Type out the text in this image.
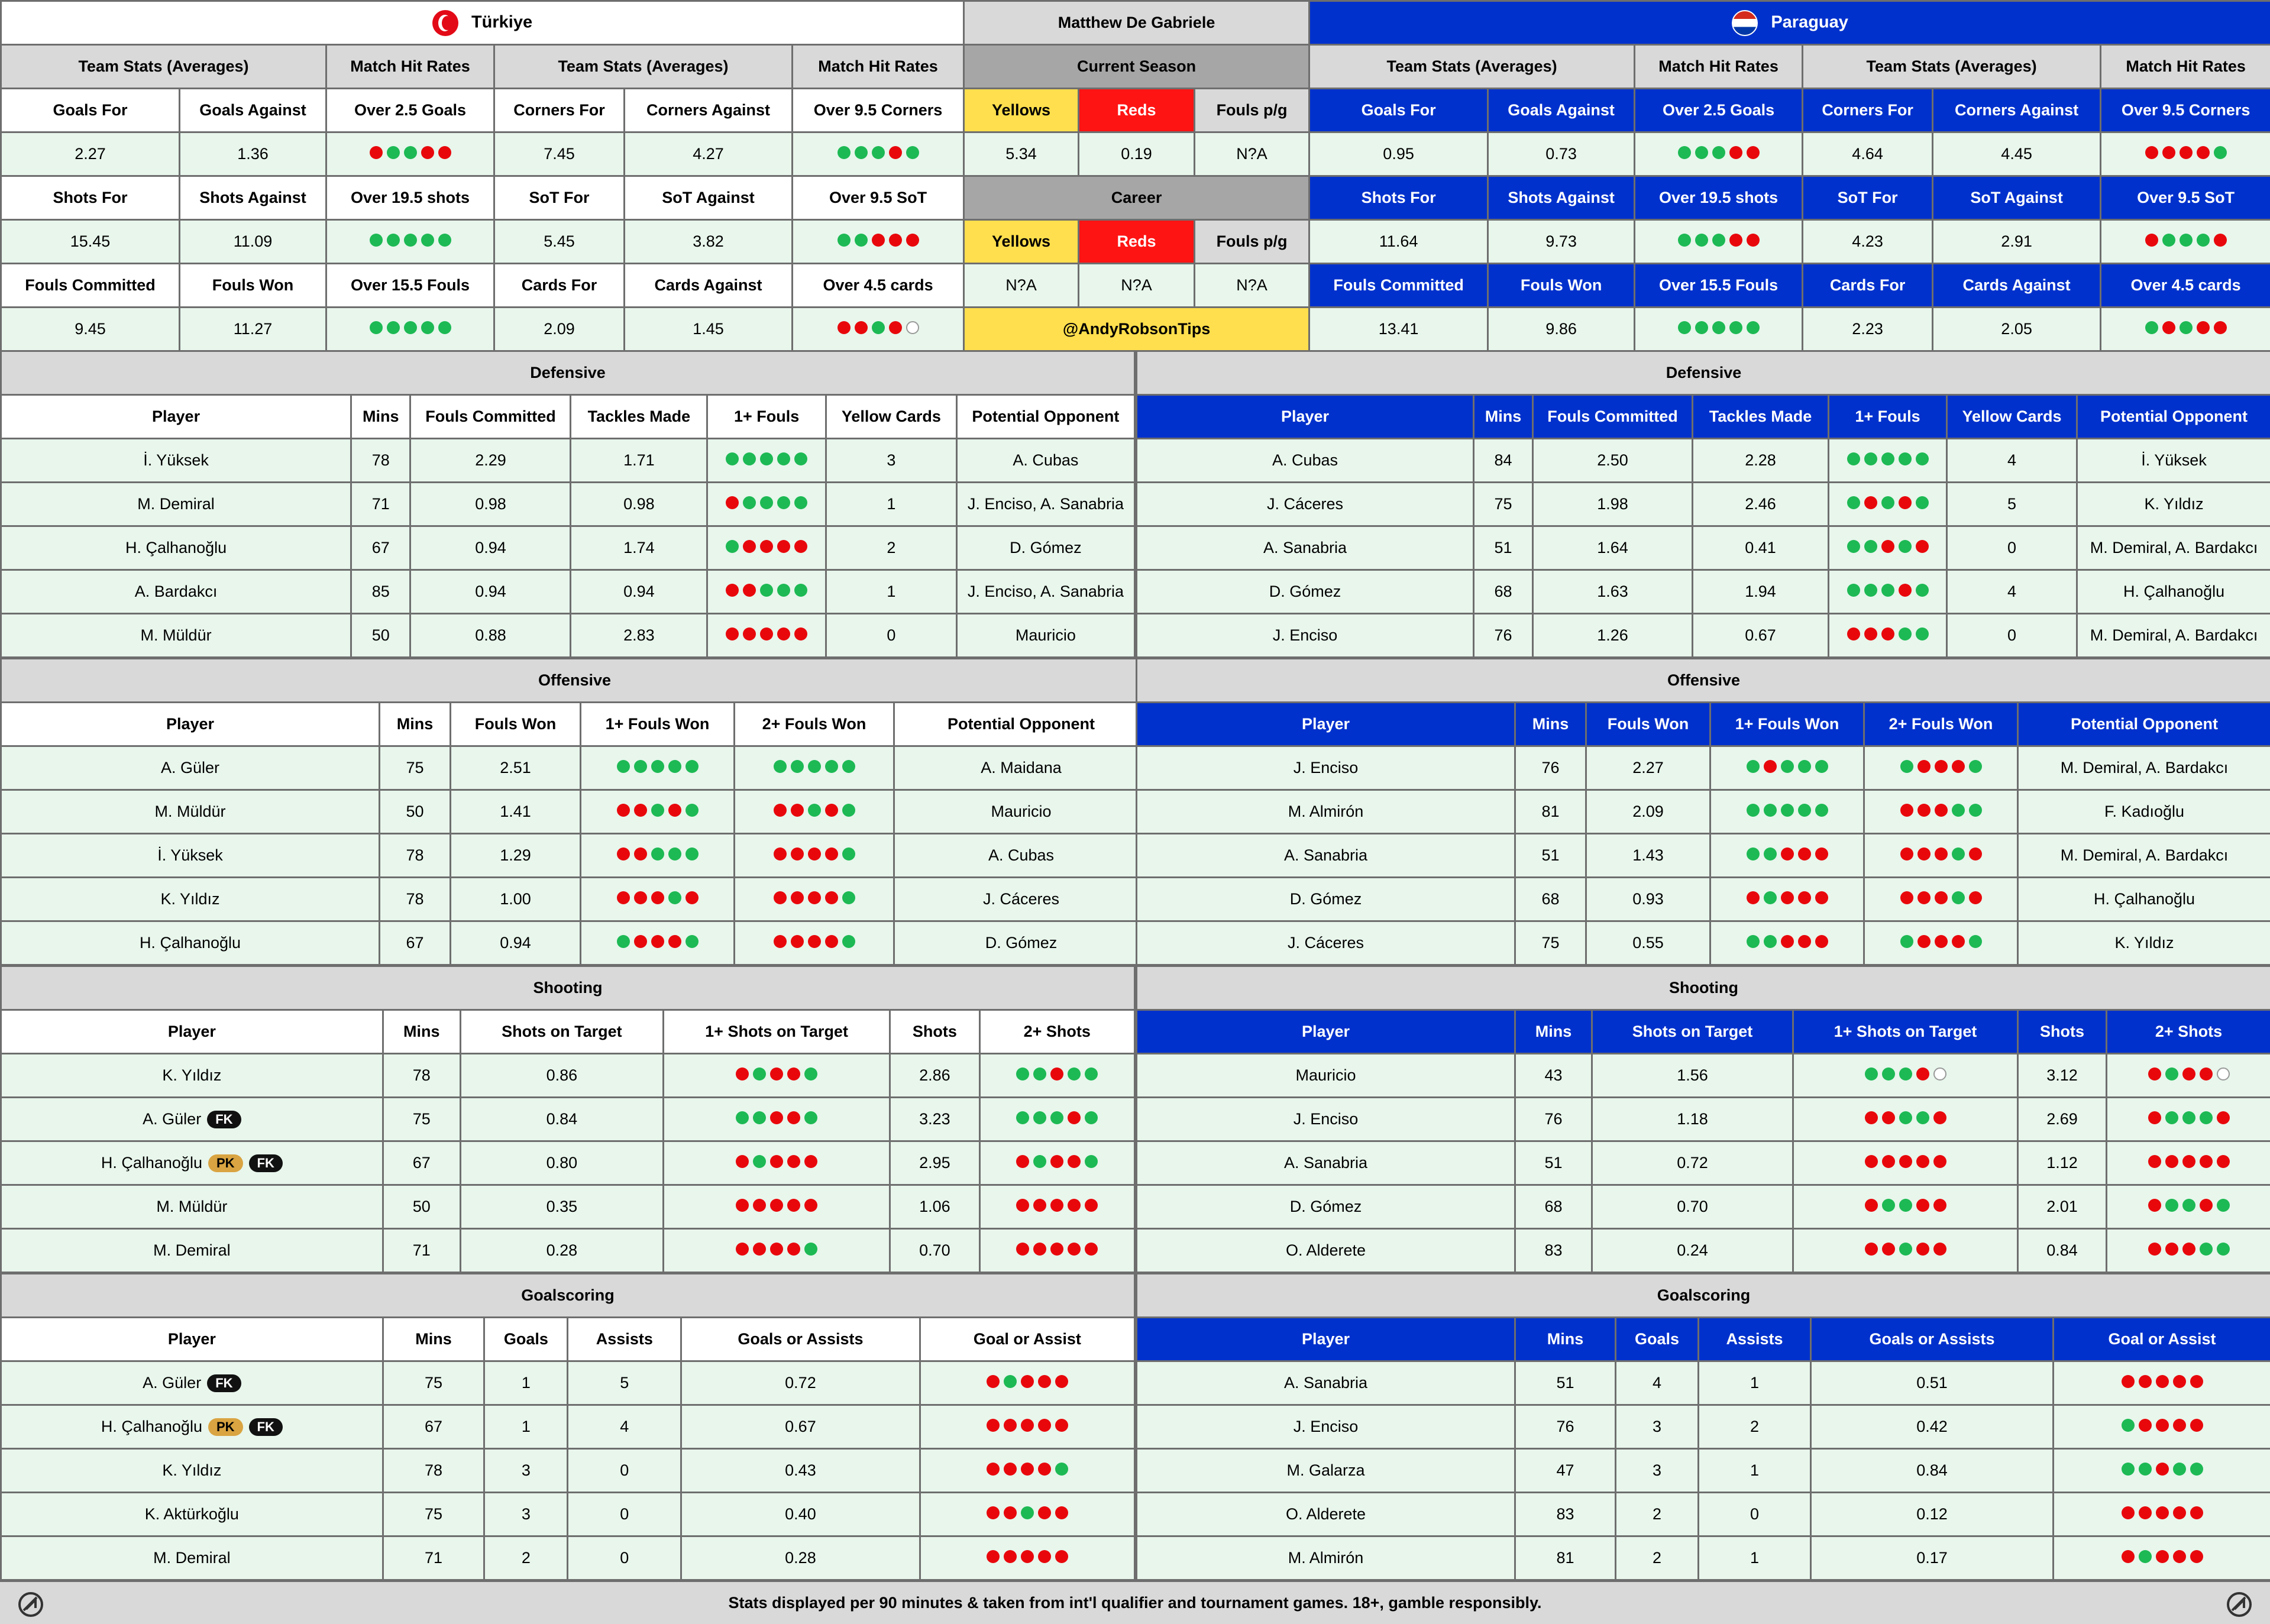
Türkiye						Matthew De Gabriele			Paraguay					
Team Stats (Averages)		Match Hit Rates	Team Stats (Averages)		Match Hit Rates	Current Season			Team Stats (Averages)		Match Hit Rates	Team Stats (Averages)		Match Hit Rates
Goals For	Goals Against	Over 2.5 Goals	Corners For	Corners Against	Over 9.5 Corners	Yellows	Reds	Fouls p/g	Goals For	Goals Against	Over 2.5 Goals	Corners For	Corners Against	Over 9.5 Corners
2.27	1.36		7.45	4.27		5.34	0.19	N?A	0.95	0.73		4.64	4.45	

Shots For	Shots Against	Over 19.5 shots	SoT For	SoT Against	Over 9.5 SoT	Career			Shots For	Shots Against	Over 19.5 shots	SoT For	SoT Against	Over 9.5 SoT
15.45	11.09		5.45	3.82		Yellows	Reds	Fouls p/g	11.64	9.73		4.23	2.91	

Fouls Committed	Fouls Won	Over 15.5 Fouls	Cards For	Cards Against	Over 4.5 cards	N?A	N?A	N?A	Fouls Committed	Fouls Won	Over 15.5 Fouls	Cards For	Cards Against	Over 4.5 cards
9.45	11.27		2.09	1.45		@AndyRobsonTips			13.41	9.86		2.23	2.05	
Defensive						
Player	Mins	Fouls Committed	Tackles Made	1+ Fouls	Yellow Cards	Potential Opponent
İ. Yüksek	78	2.29	1.71		3	A. Cubas
M. Demiral	71	0.98	0.98		1	J. Enciso, A. Sanabria
H. Çalhanoğlu	67	0.94	1.74		2	D. Gómez
A. Bardakcı	85	0.94	0.94		1	J. Enciso, A. Sanabria
M. Müldür	50	0.88	2.83		0	Mauricio
Defensive						
Player	Mins	Fouls Committed	Tackles Made	1+ Fouls	Yellow Cards	Potential Opponent
A. Cubas	84	2.50	2.28		4	İ. Yüksek
J. Cáceres	75	1.98	2.46		5	K. Yıldız
A. Sanabria	51	1.64	0.41		0	M. Demiral, A. Bardakcı
D. Gómez	68	1.63	1.94		4	H. Çalhanoğlu
J. Enciso	76	1.26	0.67		0	M. Demiral, A. Bardakcı
Offensive					
Player	Mins	Fouls Won	1+ Fouls Won	2+ Fouls Won	Potential Opponent
A. Güler	75	2.51			A. Maidana
M. Müldür	50	1.41			Mauricio
İ. Yüksek	78	1.29			A. Cubas
K. Yıldız	78	1.00			J. Cáceres
H. Çalhanoğlu	67	0.94			D. Gómez
Offensive					
Player	Mins	Fouls Won	1+ Fouls Won	2+ Fouls Won	Potential Opponent
J. Enciso	76	2.27			M. Demiral, A. Bardakcı
M. Almirón	81	2.09			F. Kadıoğlu
A. Sanabria	51	1.43			M. Demiral, A. Bardakcı
D. Gómez	68	0.93			H. Çalhanoğlu
J. Cáceres	75	0.55			K. Yıldız
Shooting					
Player	Mins	Shots on Target	1+ Shots on Target	Shots	2+ Shots
K. Yıldız	78	0.86		2.86	

A. Güler FK	75	0.84		3.23	

H. Çalhanoğlu PK FK	67	0.80		2.95	

M. Müldür	50	0.35		1.06	

M. Demiral	71	0.28		0.70	
Shooting					
Player	Mins	Shots on Target	1+ Shots on Target	Shots	2+ Shots
Mauricio	43	1.56		3.12	

J. Enciso	76	1.18		2.69	

A. Sanabria	51	0.72		1.12	

D. Gómez	68	0.70		2.01	

O. Alderete	83	0.24		0.84	
Goalscoring					
Player	Mins	Goals	Assists	Goals or Assists	Goal or Assist
A. Güler FK	75	1	5	0.72	

H. Çalhanoğlu PK FK	67	1	4	0.67	

K. Yıldız	78	3	0	0.43	

K. Aktürkoğlu	75	3	0	0.40	

M. Demiral	71	2	0	0.28	
Goalscoring					
Player	Mins	Goals	Assists	Goals or Assists	Goal or Assist
A. Sanabria	51	4	1	0.51	

J. Enciso	76	3	2	0.42	

M. Galarza	47	3	1	0.84	

O. Alderete	83	2	0	0.12	

M. Almirón	81	2	1	0.17	
Stats displayed per 90 minutes & taken from int'l qualifier and tournament games. 18+, gamble responsibly.
